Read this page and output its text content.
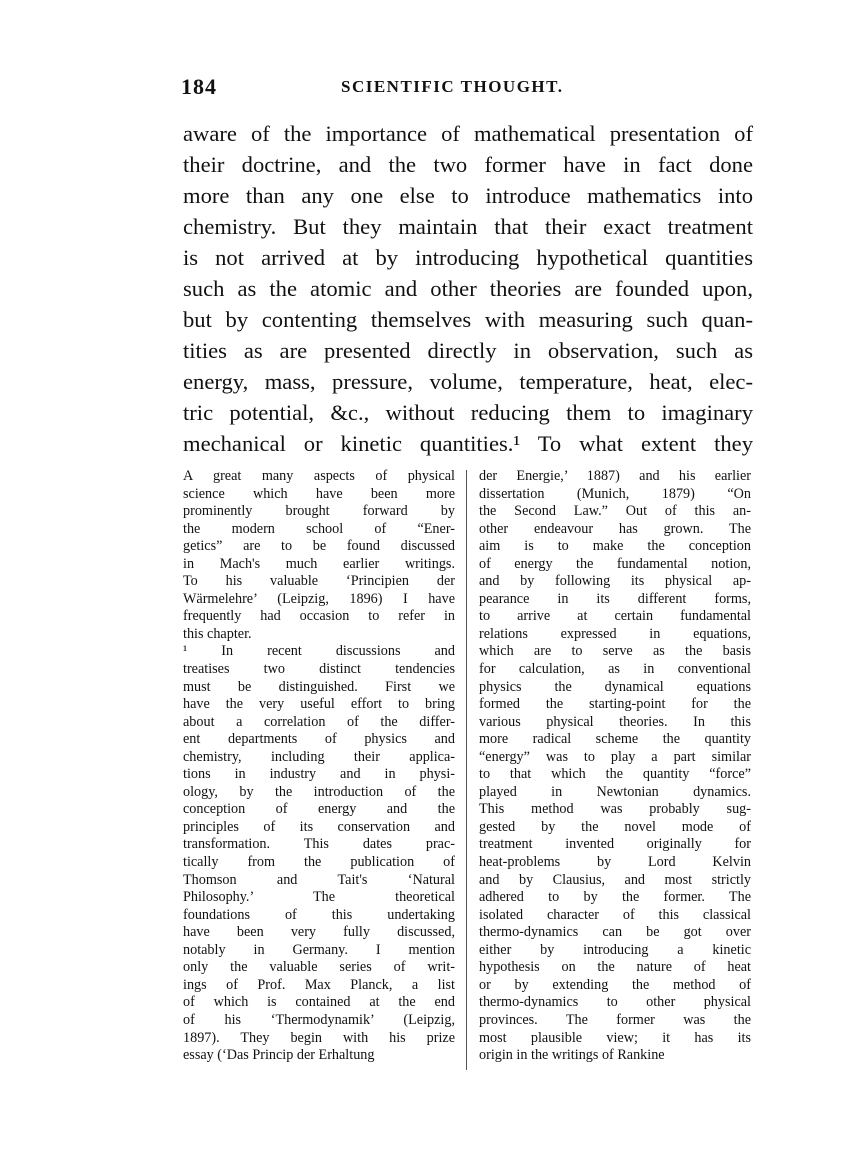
184	SCIENTIFIC THOUGHT.
aware of the importance of mathematical presentation of
their doctrine, and the two former have in fact done
more than any one else to introduce mathematics into
chemistry. But they maintain that their exact treatment
is not arrived at by introducing hypothetical quantities
such as the atomic and other theories are founded upon,
but by contenting themselves with measuring such quan-
tities as are presented directly in observation, such as
energy, mass, pressure, volume, temperature, heat, elec-
tric potential, &c., without reducing them to imaginary
mechanical or kinetic quantities.¹ To what extent they
A great many aspects of physical
science which have been more
prominently brought forward by
the modern school of “Ener-
getics” are to be found discussed
in Mach's much earlier writings.
To his valuable ‘Principien der
Wärmelehre’ (Leipzig, 1896) I have
frequently had occasion to refer in
this chapter.
¹ In recent discussions and
treatises two distinct tendencies
must be distinguished. First we
have the very useful effort to bring
about a correlation of the differ-
ent departments of physics and
chemistry, including their applica-
tions in industry and in physi-
ology, by the introduction of the
conception of energy and the
principles of its conservation and
transformation. This dates prac-
tically from the publication of
Thomson and Tait's ‘Natural
Philosophy.’ The theoretical
foundations of this undertaking
have been very fully discussed,
notably in Germany. I mention
only the valuable series of writ-
ings of Prof. Max Planck, a list
of which is contained at the end
of his ‘Thermodynamik’ (Leipzig,
1897). They begin with his prize
essay (‘Das Princip der Erhaltung
der Energie,’ 1887) and his earlier
dissertation (Munich, 1879) “On
the Second Law.” Out of this an-
other endeavour has grown. The
aim is to make the conception
of energy the fundamental notion,
and by following its physical ap-
pearance in its different forms,
to arrive at certain fundamental
relations expressed in equations,
which are to serve as the basis
for calculation, as in conventional
physics the dynamical equations
formed the starting-point for the
various physical theories. In this
more radical scheme the quantity
“energy” was to play a part similar
to that which the quantity “force”
played in Newtonian dynamics.
This method was probably sug-
gested by the novel mode of
treatment invented originally for
heat-problems by Lord Kelvin
and by Clausius, and most strictly
adhered to by the former. The
isolated character of this classical
thermo-dynamics can be got over
either by introducing a kinetic
hypothesis on the nature of heat
or by extending the method of
thermo-dynamics to other physical
provinces. The former was the
most plausible view; it has its
origin in the writings of Rankine
